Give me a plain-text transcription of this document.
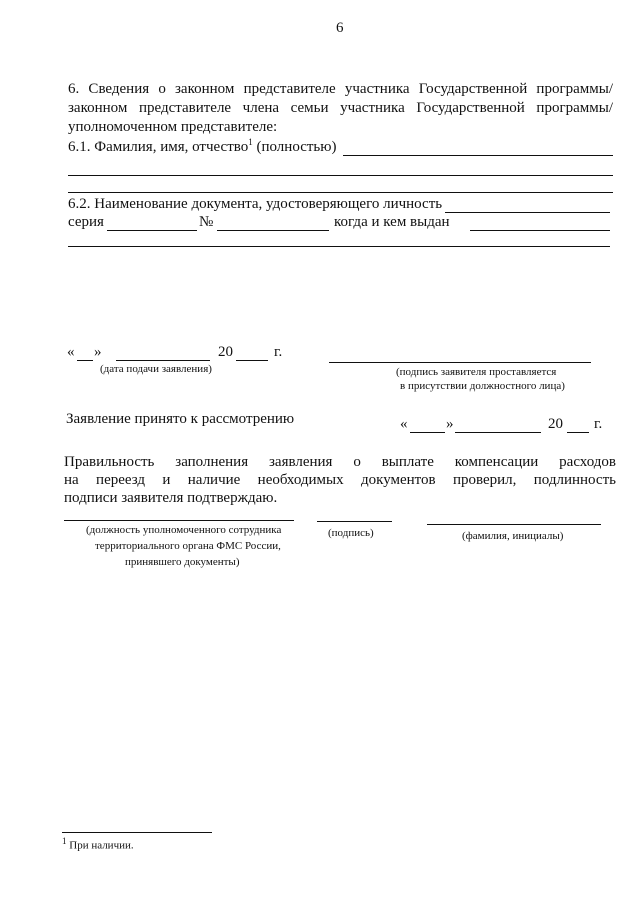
6
6. Сведения о законном представителе участника Государственной программы/
законном представителе члена семьи участника Государственной программы/
уполномоченном представителе:
6.1. Фамилия, имя, отчество$^1$ (полностью)
6.2. Наименование документа, удостоверяющего личность
серия	№	когда и кем выдан
« »	20	г.
(дата подачи заявления)	(подпись заявителя проставляется
в присутствии должностного лица)
Заявление принято к рассмотрению	«	»	20 г.
Правильность заполнения заявления о выплате компенсации расходов
на переезд и наличие необходимых документов проверил, подлинность
подписи заявителя подтверждаю.
(должность уполномоченного сотрудника
территориального органа ФМС России,
принявшего документы)
(подпись)	(фамилия, инициалы)
$^1$ При наличии.
